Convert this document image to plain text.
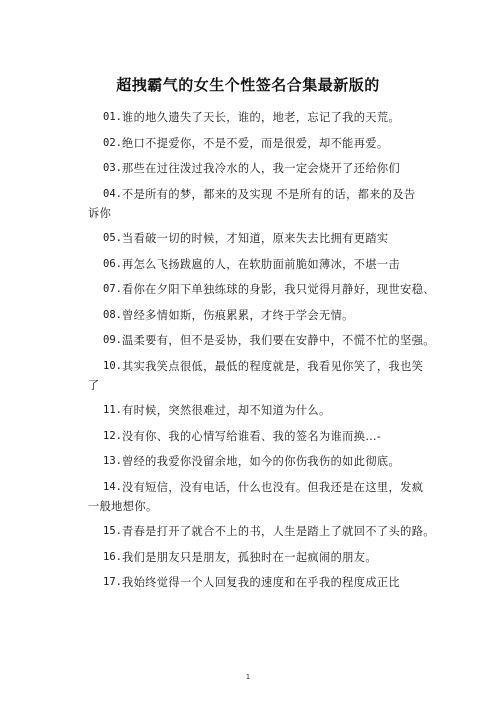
超拽霸气的女生个性签名合集最新版的
01. 谁的地久遗失了天长，谁的，地老，忘记了我的天荒。
02. 绝口不提爱你，不是不爱，而是很爱，却不能再爱。
03. 那些在过往泼过我冷水的人，我一定会烧开了还给你们
04. 不是所有的梦，都来的及实现 不是所有的话，都来的及告
诉你
05. 当看破一切的时候，才知道，原来失去比拥有更踏实
06. 再怎么飞扬跋扈的人，在软肋面前脆如薄冰，不堪一击
07. 看你在夕阳下单独练球的身影，我只觉得月静好，现世安稳、
08. 曾经多情如斯，伤痕累累，才终于学会无情。
09. 温柔要有，但不是妥协，我们要在安静中，不慌不忙的坚强。
10. 其实我笑点很低，最低的程度就是，我看见你笑了，我也笑
了
11. 有时候，突然很难过，却不知道为什么。
12. 没有你、我的心情写给谁看、我的签名为谁而换…-
13. 曾经的我爱你没留余地，如今的你伤我伤的如此彻底。
14. 没有短信，没有电话，什么也没有。但我还是在这里，发疯
一般地想你。
15. 青春是打开了就合不上的书，人生是踏上了就回不了头的路。
16. 我们是朋友只是朋友，孤独时在一起疯闹的朋友。
17. 我始终觉得一个人回复我的速度和在乎我的程度成正比
1
